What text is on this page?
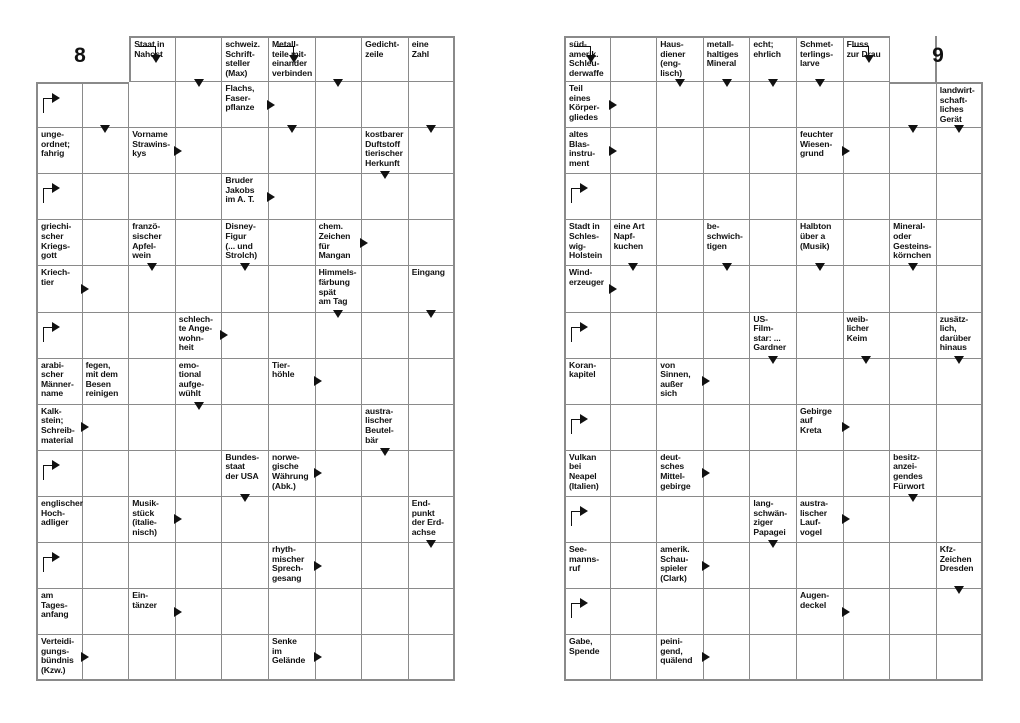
Staat in
Nahost
schweiz.
Schrift-
steller
(Max)
Metall-
teile mit-
einander
verbinden
Gedicht-
zeile
eine
Zahl
Flachs,
Faser-
pflanze
unge-
ordnet;
fahrig
Vorname
Strawins-
kys
kostbarer
Duftstoff
tierischer
Herkunft
Bruder
Jakobs
im A. T.
griechi-
scher
Kriegs-
gott
franzö-
sischer
Apfel-
wein
Disney-
Figur
(... und
Strolch)
chem.
Zeichen
für
Mangan
Kriech-
tier
Himmels-
färbung
spät
am Tag
Eingang
schlech-
te Ange-
wohn-
heit
arabi-
scher
Männer-
name
fegen,
mit dem
Besen
reinigen
emo-
tional
aufge-
wühlt
Tier-
höhle
Kalk-
stein;
Schreib-
material
austra-
lischer
Beutel-
bär
Bundes-
staat
der USA
norwe-
gische
Währung
(Abk.)
englischer
Hoch-
adliger
Musik-
stück
(italie-
nisch)
End-
punkt
der Erd-
achse
rhyth-
mischer
Sprech-
gesang
am
Tages-
anfang
Ein-
tänzer
Verteidi-
gungs-
bündnis
(Kzw.)
Senke
im
Gelände
8	süd-
amerik.
Schleu-
derwaffe
Haus-
diener
(eng-
lisch)
metall-
haltiges
Mineral
echt;
ehrlich
Schmet-
terlings-
larve
Fluss
zur Drau
Teil
eines
Körper-
gliedes
landwirt-
schaft-
liches
Gerät
altes
Blas-
instru-
ment
feuchter
Wiesen-
grund
Stadt in
Schles-
wig-
Holstein
eine Art
Napf-
kuchen
be-
schwich-
tigen
Halbton
über a
(Musik)
Mineral-
oder
Gesteins-
körnchen
Wind-
erzeuger
US-
Film-
star: ...
Gardner
weib-
licher
Keim
zusätz-
lich,
darüber
hinaus
Koran-
kapitel
von
Sinnen,
außer
sich
Gebirge
auf
Kreta
Vulkan
bei
Neapel
(Italien)
deut-
sches
Mittel-
gebirge
besitz-
anzei-
gendes
Fürwort
lang-
schwän-
ziger
Papagei
austra-
lischer
Lauf-
vogel
See-
manns-
ruf
amerik.
Schau-
spieler
(Clark)
Kfz-
Zeichen
Dresden
Augen-
deckel
Gabe,
Spende
peini-
gend,
quälend
9
